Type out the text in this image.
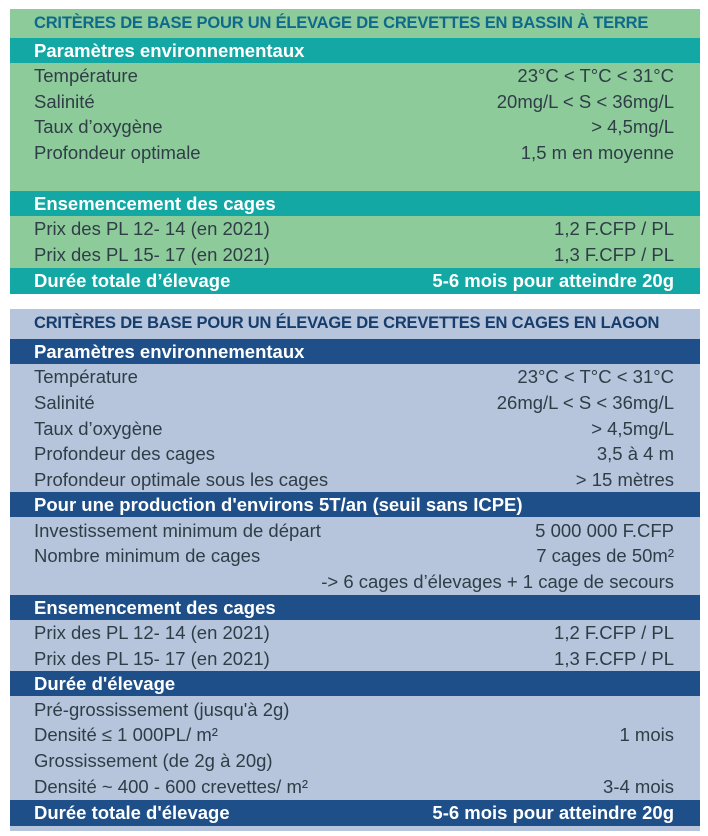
CRITÈRES DE BASE POUR UN ÉLEVAGE DE CREVETTES EN BASSIN À TERRE
Paramètres environnementaux
Température	23°C < T°C < 31°C
Salinité	20mg/L < S < 36mg/L
Taux d’oxygène	> 4,5mg/L
Profondeur optimale	1,5 m en moyenne
Ensemencement des cages
Prix des PL 12- 14 (en 2021)	1,2 F.CFP / PL
Prix des PL 15- 17 (en 2021)	1,3 F.CFP / PL
Durée totale d’élevage	5-6 mois pour atteindre 20g
CRITÈRES DE BASE POUR UN ÉLEVAGE DE CREVETTES EN CAGES EN LAGON
Paramètres environnementaux
Température	23°C < T°C < 31°C
Salinité	26mg/L < S < 36mg/L
Taux d’oxygène	> 4,5mg/L
Profondeur des cages	3,5 à 4 m
Profondeur optimale sous les cages	> 15 mètres
Pour une production d'environs 5T/an (seuil sans ICPE)
Investissement minimum de départ	5 000 000 F.CFP
Nombre minimum de cages	7 cages de 50m²
-> 6 cages d’élevages + 1 cage de secours
Ensemencement des cages
Prix des PL 12- 14 (en 2021)	1,2 F.CFP / PL
Prix des PL 15- 17 (en 2021)	1,3 F.CFP / PL
Durée d'élevage
Pré-grossissement (jusqu'à 2g)
Densité ≤ 1 000PL/ m²	1 mois
Grossissement (de 2g à 20g)
Densité ~ 400 - 600 crevettes/ m²	3-4 mois
Durée totale d'élevage	5-6 mois pour atteindre 20g
